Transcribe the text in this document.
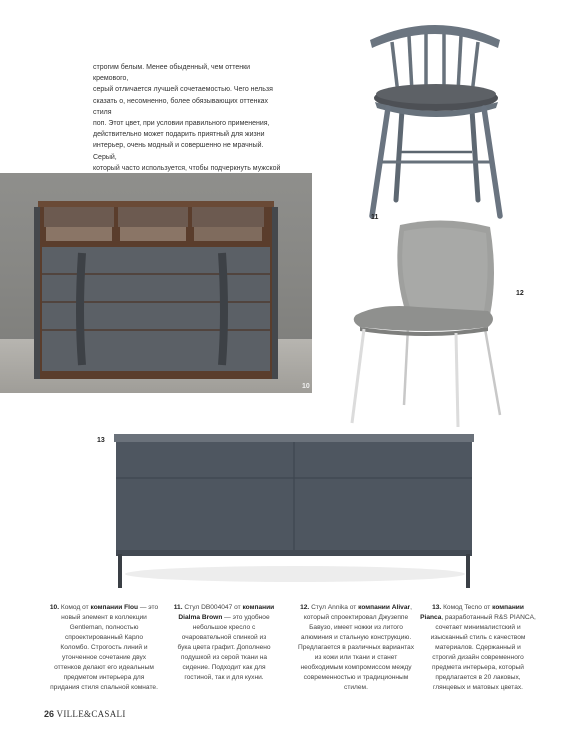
строгим белым. Менее обыденный, чем оттенки кремового,
серый отличается лучшей сочетаемостью. Чего нельзя
сказать о, несомненно, более обязывающих оттенках стиля
поп. Этот цвет, при условии правильного применения,
действительно может подарить приятный для жизни
интерьер, очень модный и совершенно не мрачный. Серый,
который часто используется, чтобы подчеркнуть мужской

11
12
10
13

10. Комод от компании Flou — это
новый элемент в коллекции
Gentleman, полностью
спроектированный Карло
Коломбо. Строгость линий и
утонченное сочетание двух
оттенков делают его идеальным
предметом интерьера для
придания стиля спальной комнате.

11. Стул DB004047 от компании
Dialma Brown — это удобное
небольшое кресло с
очаровательной спинкой из
бука цвета графит. Дополнено
подушкой из серой ткани на
сидение. Подходит как для
гостиной, так и для кухни.

12. Стул Annika от компании Alivar,
который спроектировал Джузеппе
Бавузо, имеет ножки из литого
алюминия и стальную конструкцию.
Предлагается в различных вариантах
из кожи или ткани и станет
необходимым компромиссом между
современностью и традиционным
стилем.

13. Комод Tecno от компании
Pianca, разработанный R&S PIANCA,
сочетает минималистский и
изысканный стиль с качеством
материалов. Сдержанный и
строгий дизайн современного
предмета интерьера, который
предлагается в 20 лаковых,
глянцевых и матовых цветах.

26 VILLE&CASALI
